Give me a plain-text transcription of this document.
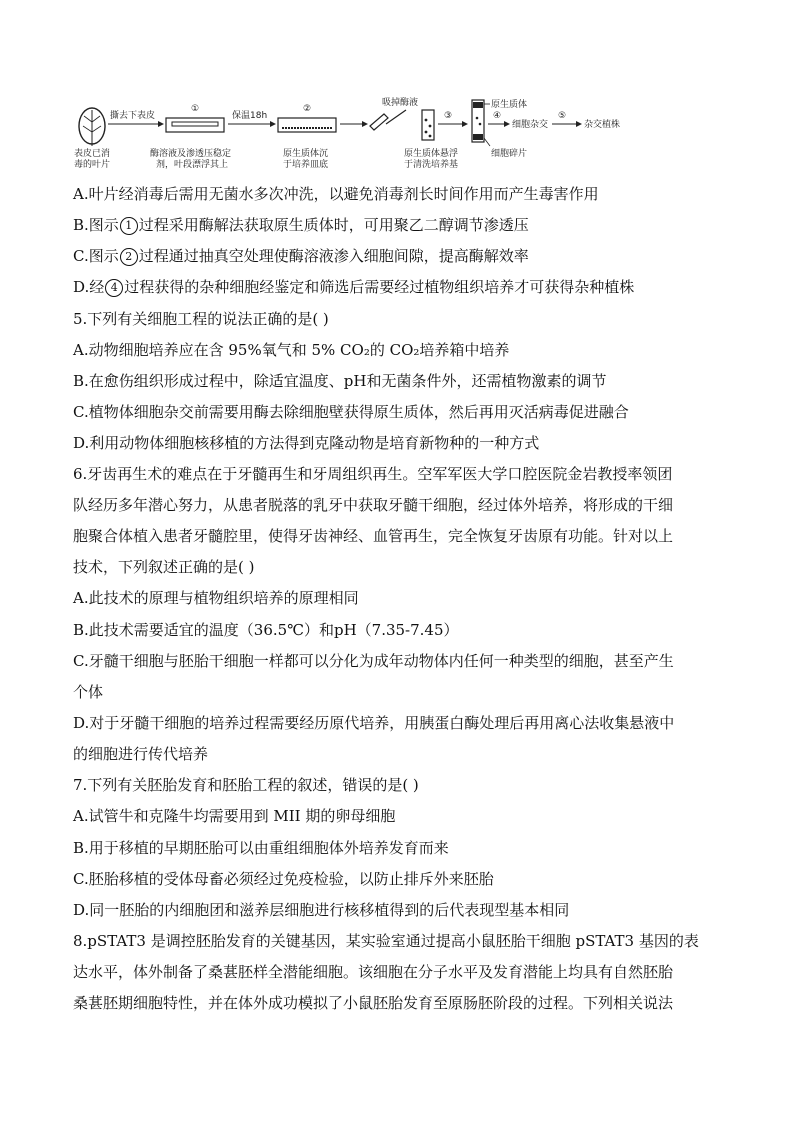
表皮已消
毒的叶片
撕去下表皮
①
酶溶液及渗透压稳定
剂，叶段漂浮其上
保温18h
②
原生质体沉
于培养皿底
吸掉酶液
原生质体悬浮
于清洗培养基
③
原生质体
细胞碎片
④
细胞杂交
⑤
杂交植株
A.叶片经消毒后需用无菌水多次冲洗，以避免消毒剂长时间作用而产生毒害作用
B.图示 1 过程采用酶解法获取原生质体时，可用聚乙二醇调节渗透压
C.图示 2 过程通过抽真空处理使酶溶液渗入细胞间隙，提高酶解效率
D.经 4 过程获得的杂种细胞经鉴定和筛选后需要经过植物组织培养才可获得杂种植株
5.下列有关细胞工程的说法正确的是( )
A.动物细胞培养应在含 95%氧气和 5% CO₂的 CO₂培养箱中培养
B.在愈伤组织形成过程中，除适宜温度、pH和无菌条件外，还需植物激素的调节
C.植物体细胞杂交前需要用酶去除细胞壁获得原生质体，然后再用灭活病毒促进融合
D.利用动物体细胞核移植的方法得到克隆动物是培育新物种的一种方式
6.牙齿再生术的难点在于牙髓再生和牙周组织再生。空军军医大学口腔医院金岩教授率领团
队经历多年潜心努力，从患者脱落的乳牙中获取牙髓干细胞，经过体外培养，将形成的干细
胞聚合体植入患者牙髓腔里，使得牙齿神经、血管再生，完全恢复牙齿原有功能。针对以上
技术，下列叙述正确的是( )
A.此技术的原理与植物组织培养的原理相同
B.此技术需要适宜的温度（36.5℃）和pH（7.35-7.45）
C.牙髓干细胞与胚胎干细胞一样都可以分化为成年动物体内任何一种类型的细胞，甚至产生
个体
D.对于牙髓干细胞的培养过程需要经历原代培养，用胰蛋白酶处理后再用离心法收集悬液中
的细胞进行传代培养
7.下列有关胚胎发育和胚胎工程的叙述，错误的是( )
A.试管牛和克隆牛均需要用到 MII 期的卵母细胞
B.用于移植的早期胚胎可以由重组细胞体外培养发育而来
C.胚胎移植的受体母畜必须经过免疫检验，以防止排斥外来胚胎
D.同一胚胎的内细胞团和滋养层细胞进行核移植得到的后代表现型基本相同
8.pSTAT3 是调控胚胎发育的关键基因，某实验室通过提高小鼠胚胎干细胞 pSTAT3 基因的表
达水平，体外制备了桑葚胚样全潜能细胞。该细胞在分子水平及发育潜能上均具有自然胚胎
桑葚胚期细胞特性，并在体外成功模拟了小鼠胚胎发育至原肠胚阶段的过程。下列相关说法
